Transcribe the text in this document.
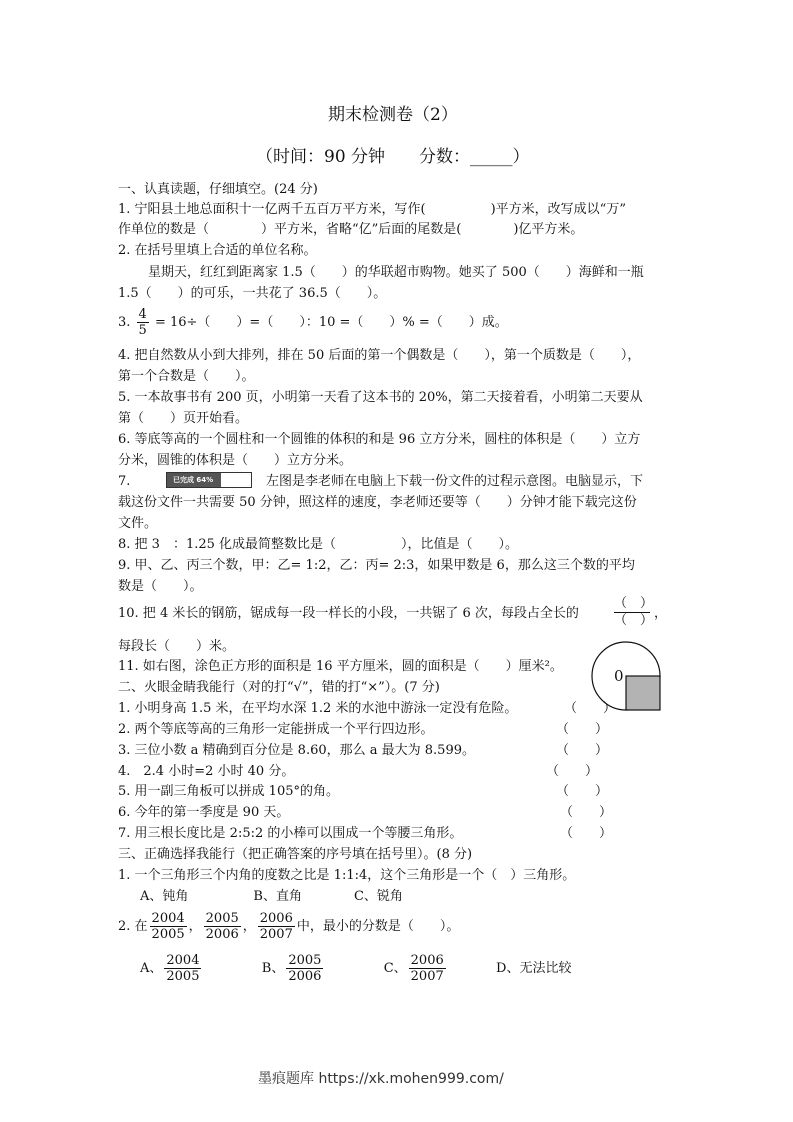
期末检测卷（2）
（时间：90 分钟　　分数：_____）
一、认真读题，仔细填空。(24 分)
1. 宁阳县土地总面积十一亿两千五百万平方米，写作(　　　　　)平方米，改写成以“万”
作单位的数是（　　　　）平方米，省略“亿”后面的尾数是(　　　　)亿平方米。
2. 在括号里填上合适的单位名称。
星期天，红红到距离家 1.5（　　）的华联超市购物。她买了 500（　　）海鲜和一瓶
1.5（　　）的可乐，一共花了 36.5（　　）。
3. $\frac{4}{5} = 16\div$（　　）=（　　）：10 =（　　）% =（　　）成。
4. 把自然数从小到大排列，排在 50 后面的第一个偶数是（　　），第一个质数是（　　），
第一个合数是（　　）。
5. 一本故事书有 200 页，小明第一天看了这本书的 20%，第二天接着看，小明第二天要从
第（　　）页开始看。
6. 等底等高的一个圆柱和一个圆锥的体积的和是 96 立方分米，圆柱的体积是（　　）立方
分米，圆锥的体积是（　　）立方分米。
7.	已完成 64%	左图是李老师在电脑上下载一份文件的过程示意图。电脑显示，下
载这份文件一共需要 50 分钟，照这样的速度，李老师还要等（　　）分钟才能下载完这份
文件。
8. 把 3　：1.25 化成最简整数比是（　　　　　），比值是（　　）。
9. 甲、乙、丙三个数，甲：乙= 1:2，乙：丙= 2:3，如果甲数是 6，那么这三个数的平均
数是（　　）。
10. 把 4 米长的钢筋，锯成每一段一样长的小段，一共锯了 6 次，每段占全长的
（　）
（　） ，
每段长（　　）米。
11. 如右图，涂色正方形的面积是 16 平方厘米，圆的面积是（　　）厘米²。
0
二、火眼金睛我能行（对的打“√”，错的打“×”）。(7 分)
1. 小明身高 1.5 米，在平均水深 1.2 米的水池中游泳一定没有危险。	（　　）
2. 两个等底等高的三角形一定能拼成一个平行四边形。	（　　）
3. 三位小数 a 精确到百分位是 8.60，那么 a 最大为 8.599。	（　　）
4.　2.4 小时=2 小时 40 分。	（　　）
5. 用一副三角板可以拼成 105°的角。	（　　）
6. 今年的第一季度是 90 天。	（　　）
7. 用三根长度比是 2:5:2 的小棒可以围成一个等腰三角形。	（　　）
三、正确选择我能行（把正确答案的序号填在括号里）。(8 分)
1. 一个三角形三个内角的度数之比是 1:1:4，这个三角形是一个（　）三角形。
A、钝角　　　　　B、直角　　　　C、锐角
2. 在 $\frac{2004}{2005}$ ， $\frac{2005}{2006}$ ， $\frac{2006}{2007}$ 中，最小的分数是（　　）。
A、 $\frac{2004}{2005}$	B、 $\frac{2005}{2006}$	C、 $\frac{2006}{2007}$	D、无法比较
墨痕题库 https://xk.mohen999.com/
